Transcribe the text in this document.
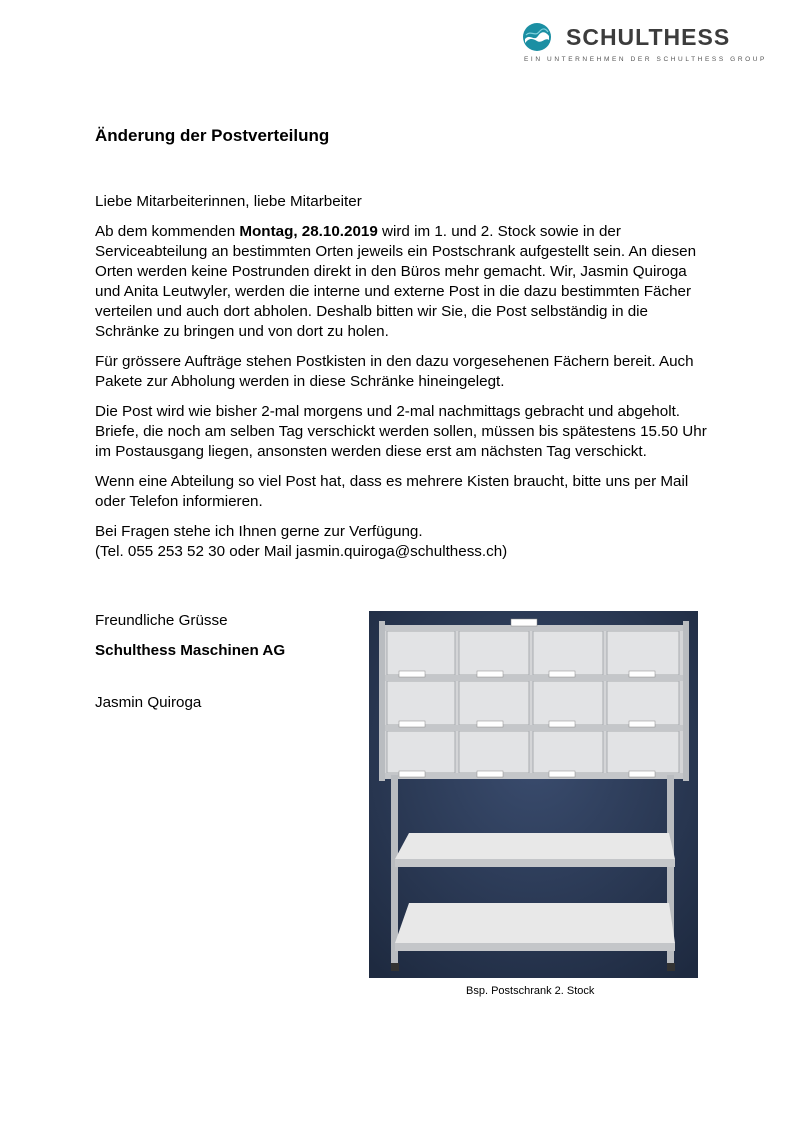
SCHULTHESS
EIN UNTERNEHMEN DER SCHULTHESS GROUP
Änderung der Postverteilung

Liebe Mitarbeiterinnen, liebe Mitarbeiter

Ab dem kommenden Montag, 28.10.2019 wird im 1. und 2. Stock sowie in der Serviceabteilung an bestimmten Orten jeweils ein Postschrank aufgestellt sein. An diesen Orten werden keine Postrunden direkt in den Büros mehr gemacht. Wir, Jasmin Quiroga und Anita Leutwyler, werden die interne und externe Post in die dazu bestimmten Fächer verteilen und auch dort abholen. Deshalb bitten wir Sie, die Post selbständig in die Schränke zu bringen und von dort zu holen.

Für grössere Aufträge stehen Postkisten in den dazu vorgesehenen Fächern bereit. Auch Pakete zur Abholung werden in diese Schränke hineingelegt.

Die Post wird wie bisher 2-mal morgens und 2-mal nachmittags gebracht und abgeholt. Briefe, die noch am selben Tag verschickt werden sollen, müssen bis spätestens 15.50 Uhr im Postausgang liegen, ansonsten werden diese erst am nächsten Tag verschickt.

Wenn eine Abteilung so viel Post hat, dass es mehrere Kisten braucht, bitte uns per Mail oder Telefon informieren.

Bei Fragen stehe ich Ihnen gerne zur Verfügung.
(Tel. 055 253 52 30 oder Mail jasmin.quiroga@schulthess.ch)

Freundliche Grüsse
Schulthess Maschinen AG
Jasmin Quiroga
Bsp. Postschrank 2. Stock
